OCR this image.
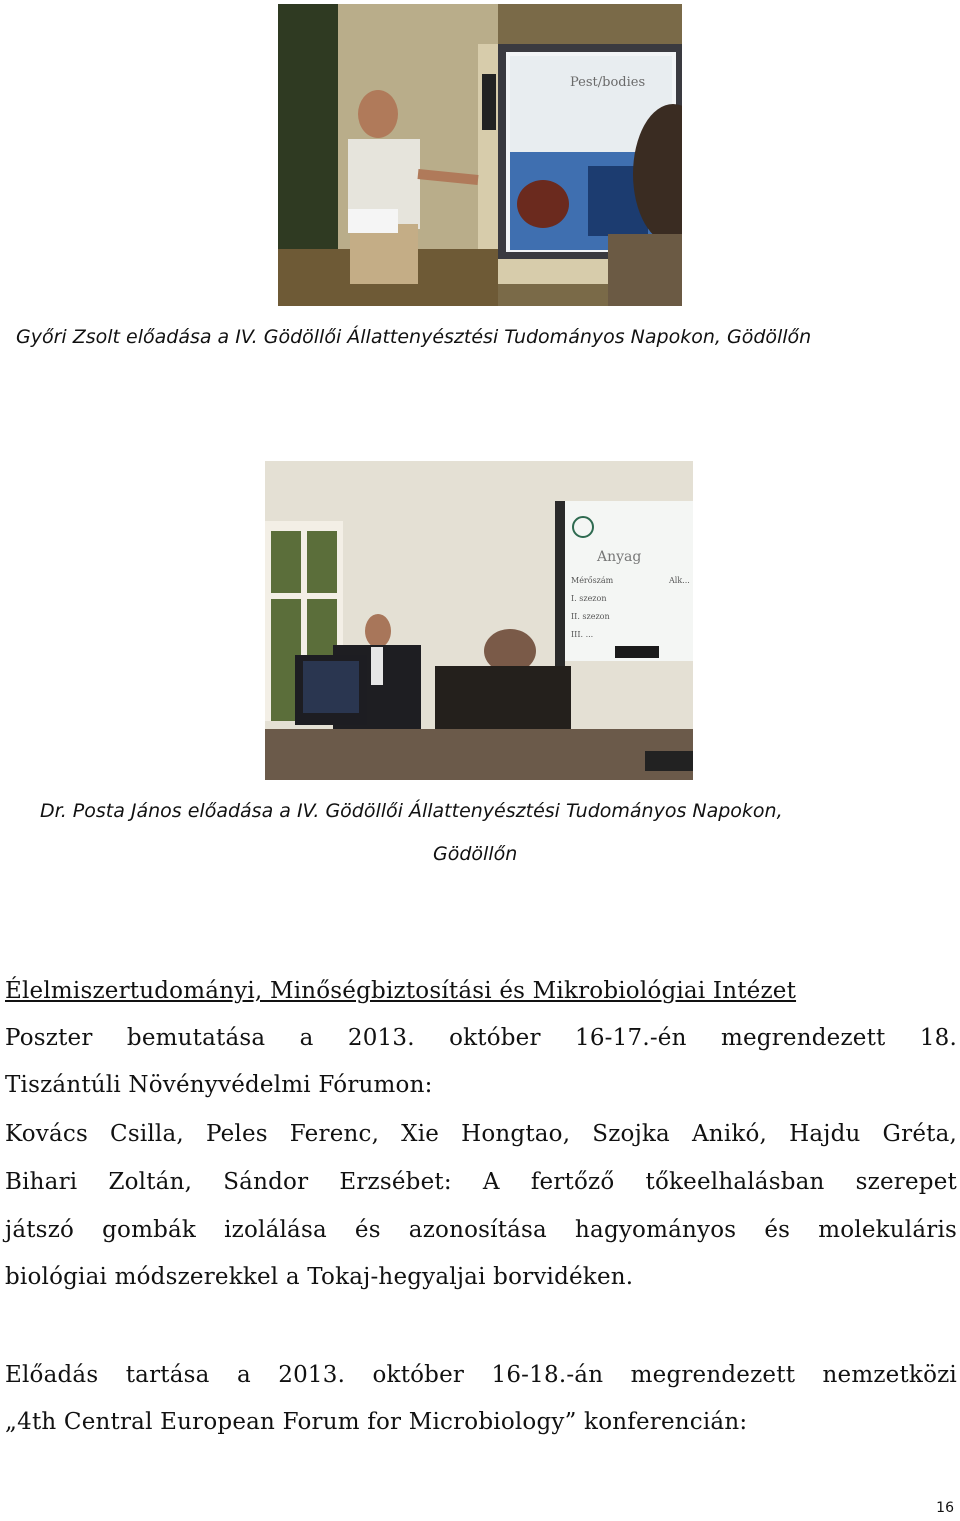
Pest/bodies
Győri Zsolt előadása a IV. Gödöllői Állattenyésztési Tudományos Napokon, Gödöllőn
Anyag
Mérőszám
I. szezon
II. szezon
III. ...
Alk...
Dr. Posta János előadása a IV. Gödöllői Állattenyésztési Tudományos Napokon,
Gödöllőn
Élelmiszertudományi, Minőségbiztosítási és Mikrobiológiai Intézet
Poszter bemutatása a 2013. október 16-17.-én megrendezett 18.
Tiszántúli Növényvédelmi Fórumon:
Kovács Csilla, Peles Ferenc, Xie Hongtao, Szojka Anikó, Hajdu Gréta,
Bihari Zoltán, Sándor Erzsébet: A fertőző tőkeelhalásban szerepet
játszó gombák izolálása és azonosítása hagyományos és molekuláris
biológiai módszerekkel a Tokaj-hegyaljai borvidéken.
Előadás tartása a 2013. október 16-18.-án megrendezett nemzetközi
„4th Central European Forum for Microbiology” konferencián:
16
